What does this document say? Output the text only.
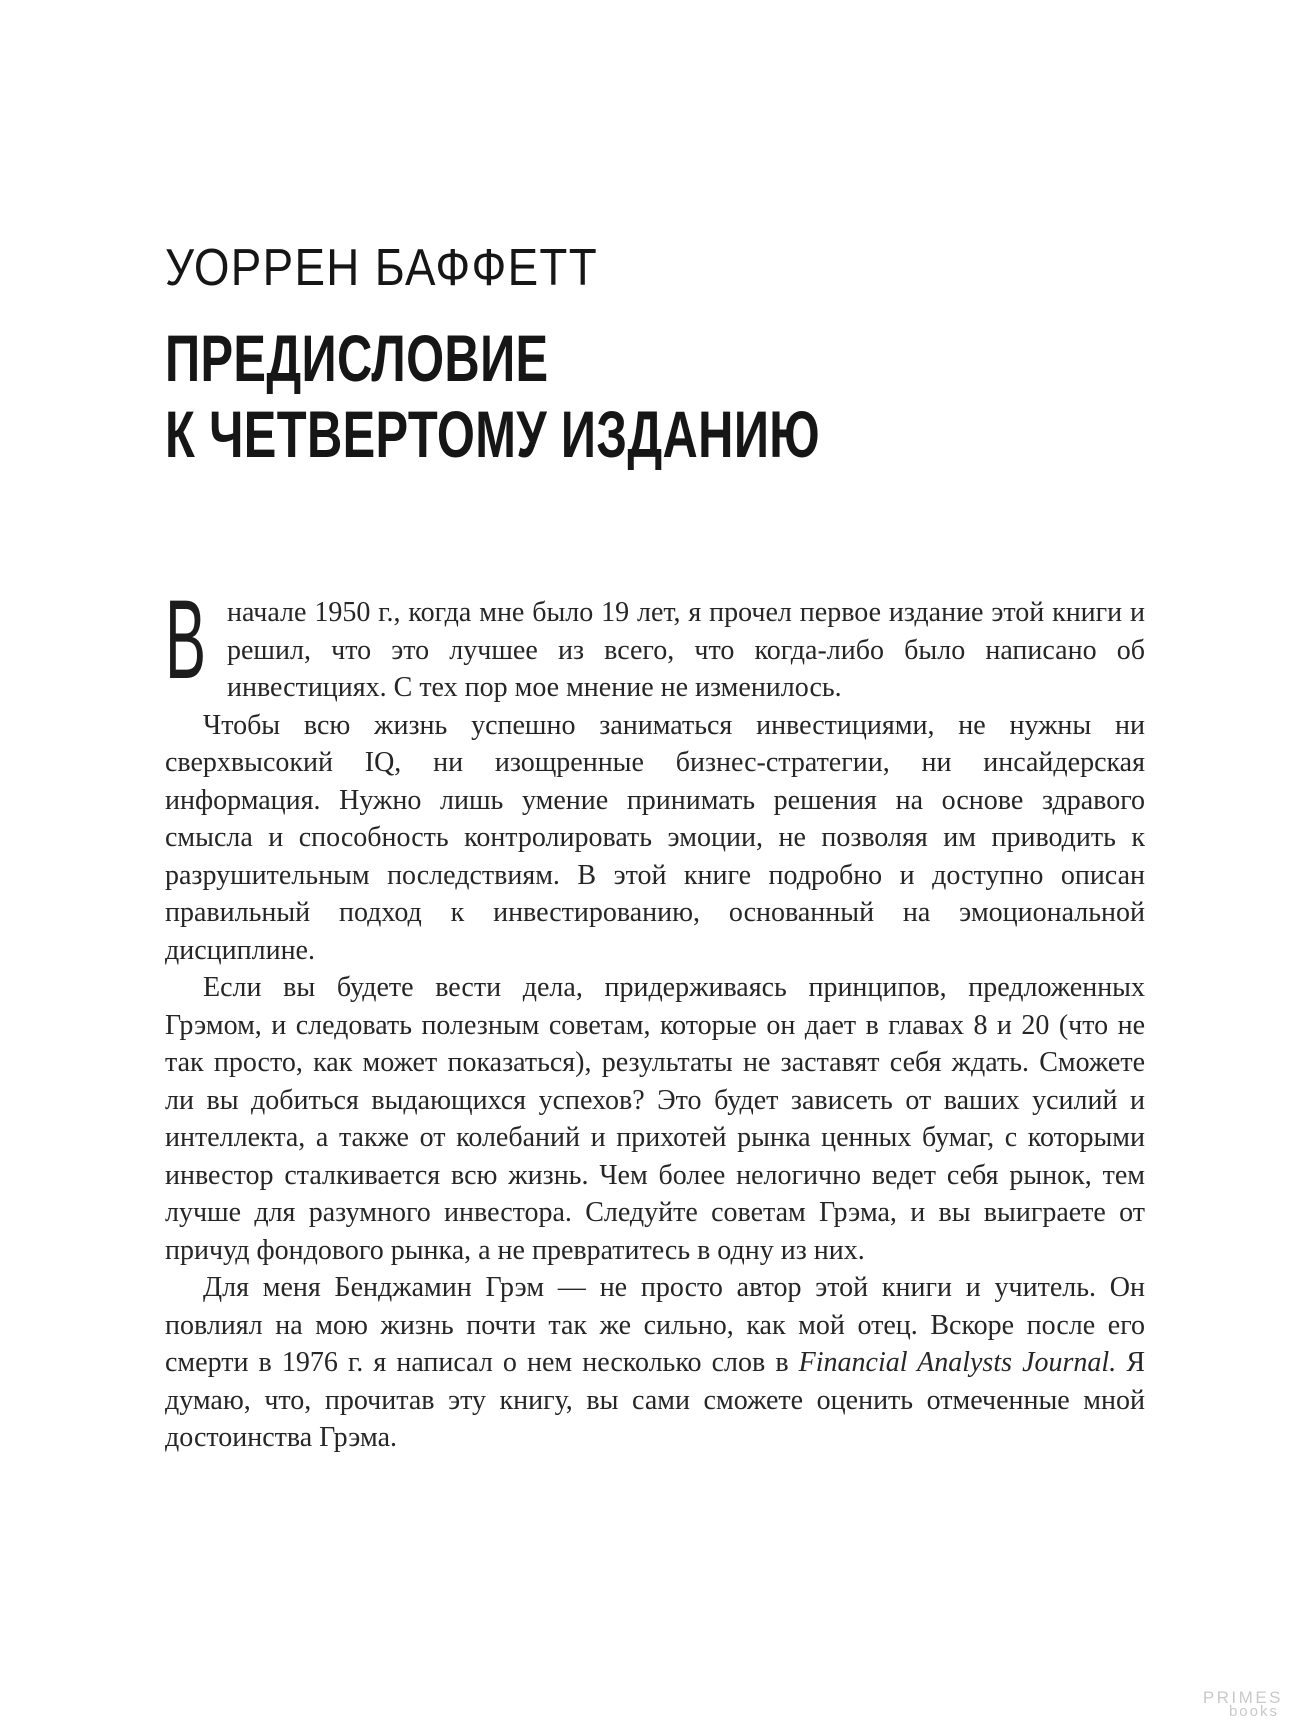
УОРРЕН БАФФЕТТ
ПРЕДИСЛОВИЕ
К ЧЕТВЕРТОМУ ИЗДАНИЮ

В начале 1950 г., когда мне было 19 лет, я прочел первое издание этой книги и решил, что это лучшее из всего, что когда-либо было написано об инвестициях. С тех пор мое мнение не изменилось.

Чтобы всю жизнь успешно заниматься инвестициями, не нужны ни сверхвысокий IQ, ни изощренные бизнес-стратегии, ни инсайдерская информация. Нужно лишь умение принимать решения на основе здравого смысла и способность контролировать эмоции, не позволяя им приводить к разрушительным последствиям. В этой книге подробно и доступно описан правильный подход к инвестированию, основанный на эмоциональной дисциплине.

Если вы будете вести дела, придерживаясь принципов, предложенных Грэмом, и следовать полезным советам, которые он дает в главах 8 и 20 (что не так просто, как может показаться), результаты не заставят себя ждать. Сможете ли вы добиться выдающихся успехов? Это будет зависеть от ваших усилий и интеллекта, а также от колебаний и прихотей рынка ценных бумаг, с которыми инвестор сталкивается всю жизнь. Чем более нелогично ведет себя рынок, тем лучше для разумного инвестора. Следуйте советам Грэма, и вы выиграете от причуд фондового рынка, а не превратитесь в одну из них.

Для меня Бенджамин Грэм — не просто автор этой книги и учитель. Он повлиял на мою жизнь почти так же сильно, как мой отец. Вскоре после его смерти в 1976 г. я написал о нем несколько слов в Financial Analysts Journal. Я думаю, что, прочитав эту книгу, вы сами сможете оценить отмеченные мной достоинства Грэма.

PRIMES
books
